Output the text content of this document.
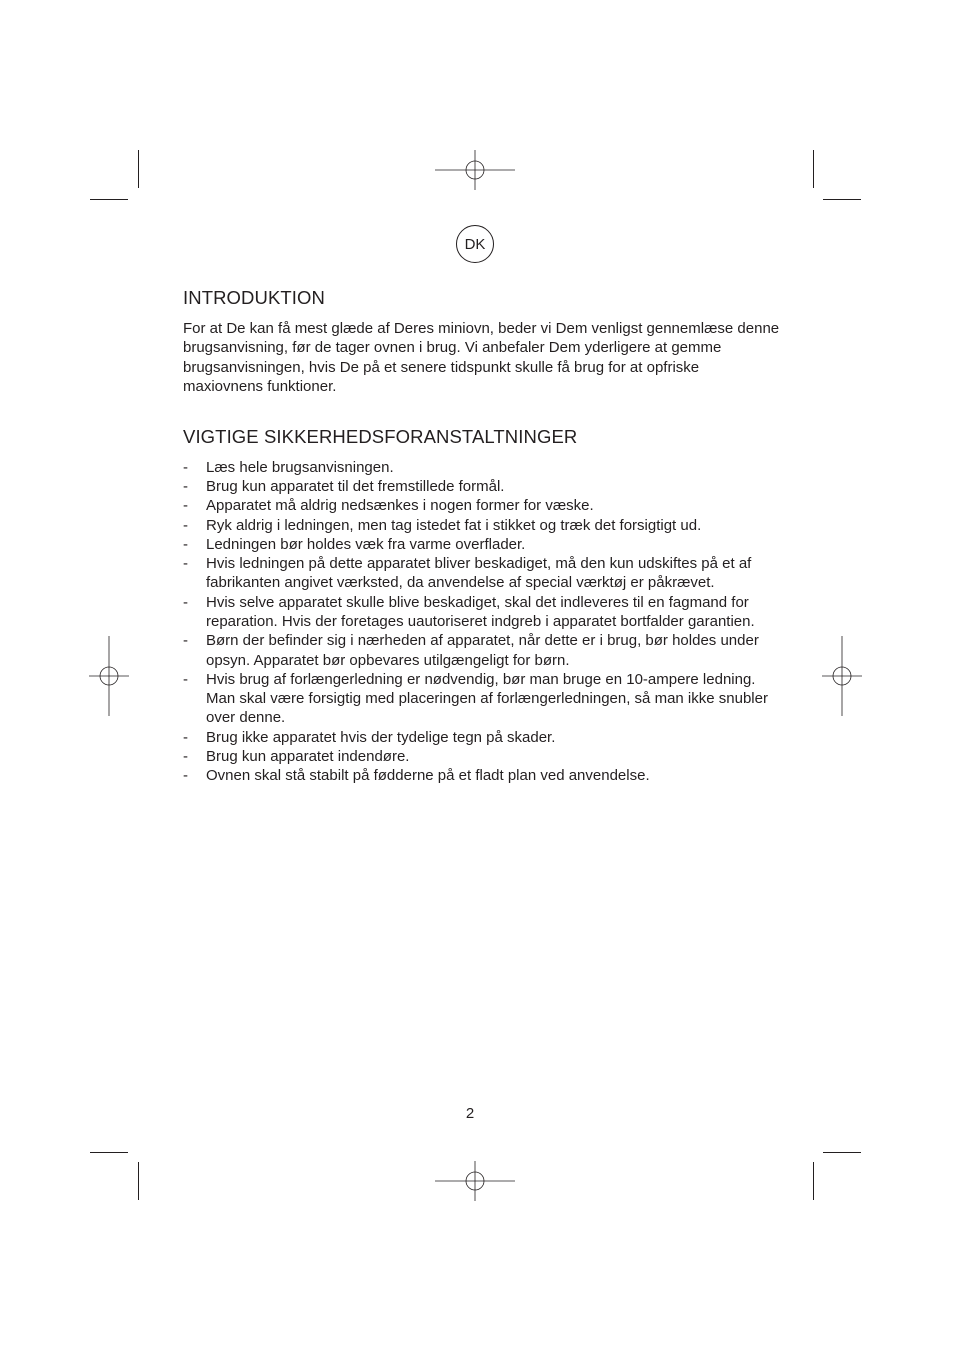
DK
INTRODUKTION

For at De kan få mest glæde af Deres miniovn, beder vi Dem venligst gennemlæse denne brugsanvisning, før de tager ovnen i brug. Vi anbefaler Dem yderligere at gemme brugsanvisningen, hvis De på et senere tidspunkt skulle få brug for at opfriske maxiovnens funktioner.

VIGTIGE SIKKERHEDSFORANSTALTNINGER
- Læs hele brugsanvisningen.
- Brug kun apparatet til det fremstillede formål.
- Apparatet må aldrig nedsænkes i nogen former for væske.
- Ryk aldrig i ledningen, men tag istedet fat i stikket og træk det forsigtigt ud.
- Ledningen bør holdes væk fra varme overflader.
- Hvis ledningen på dette apparatet bliver beskadiget, må den kun udskiftes på et af fabrikanten angivet værksted, da anvendelse af special værktøj er påkrævet.
- Hvis selve apparatet skulle blive beskadiget, skal det indleveres til en fagmand for reparation. Hvis der foretages uautoriseret indgreb i apparatet bortfalder garantien.
- Børn der befinder sig i nærheden af apparatet, når dette er i brug, bør holdes under opsyn. Apparatet bør opbevares utilgængeligt for børn.
- Hvis brug af forlængerledning er nødvendig, bør man bruge en 10-ampere ledning. Man skal være forsigtig med placeringen af forlængerledningen, så man ikke snubler over denne.
- Brug ikke apparatet hvis der tydelige tegn på skader.
- Brug kun apparatet indendøre.
- Ovnen skal stå stabilt på fødderne på et fladt plan ved anvendelse.
2
